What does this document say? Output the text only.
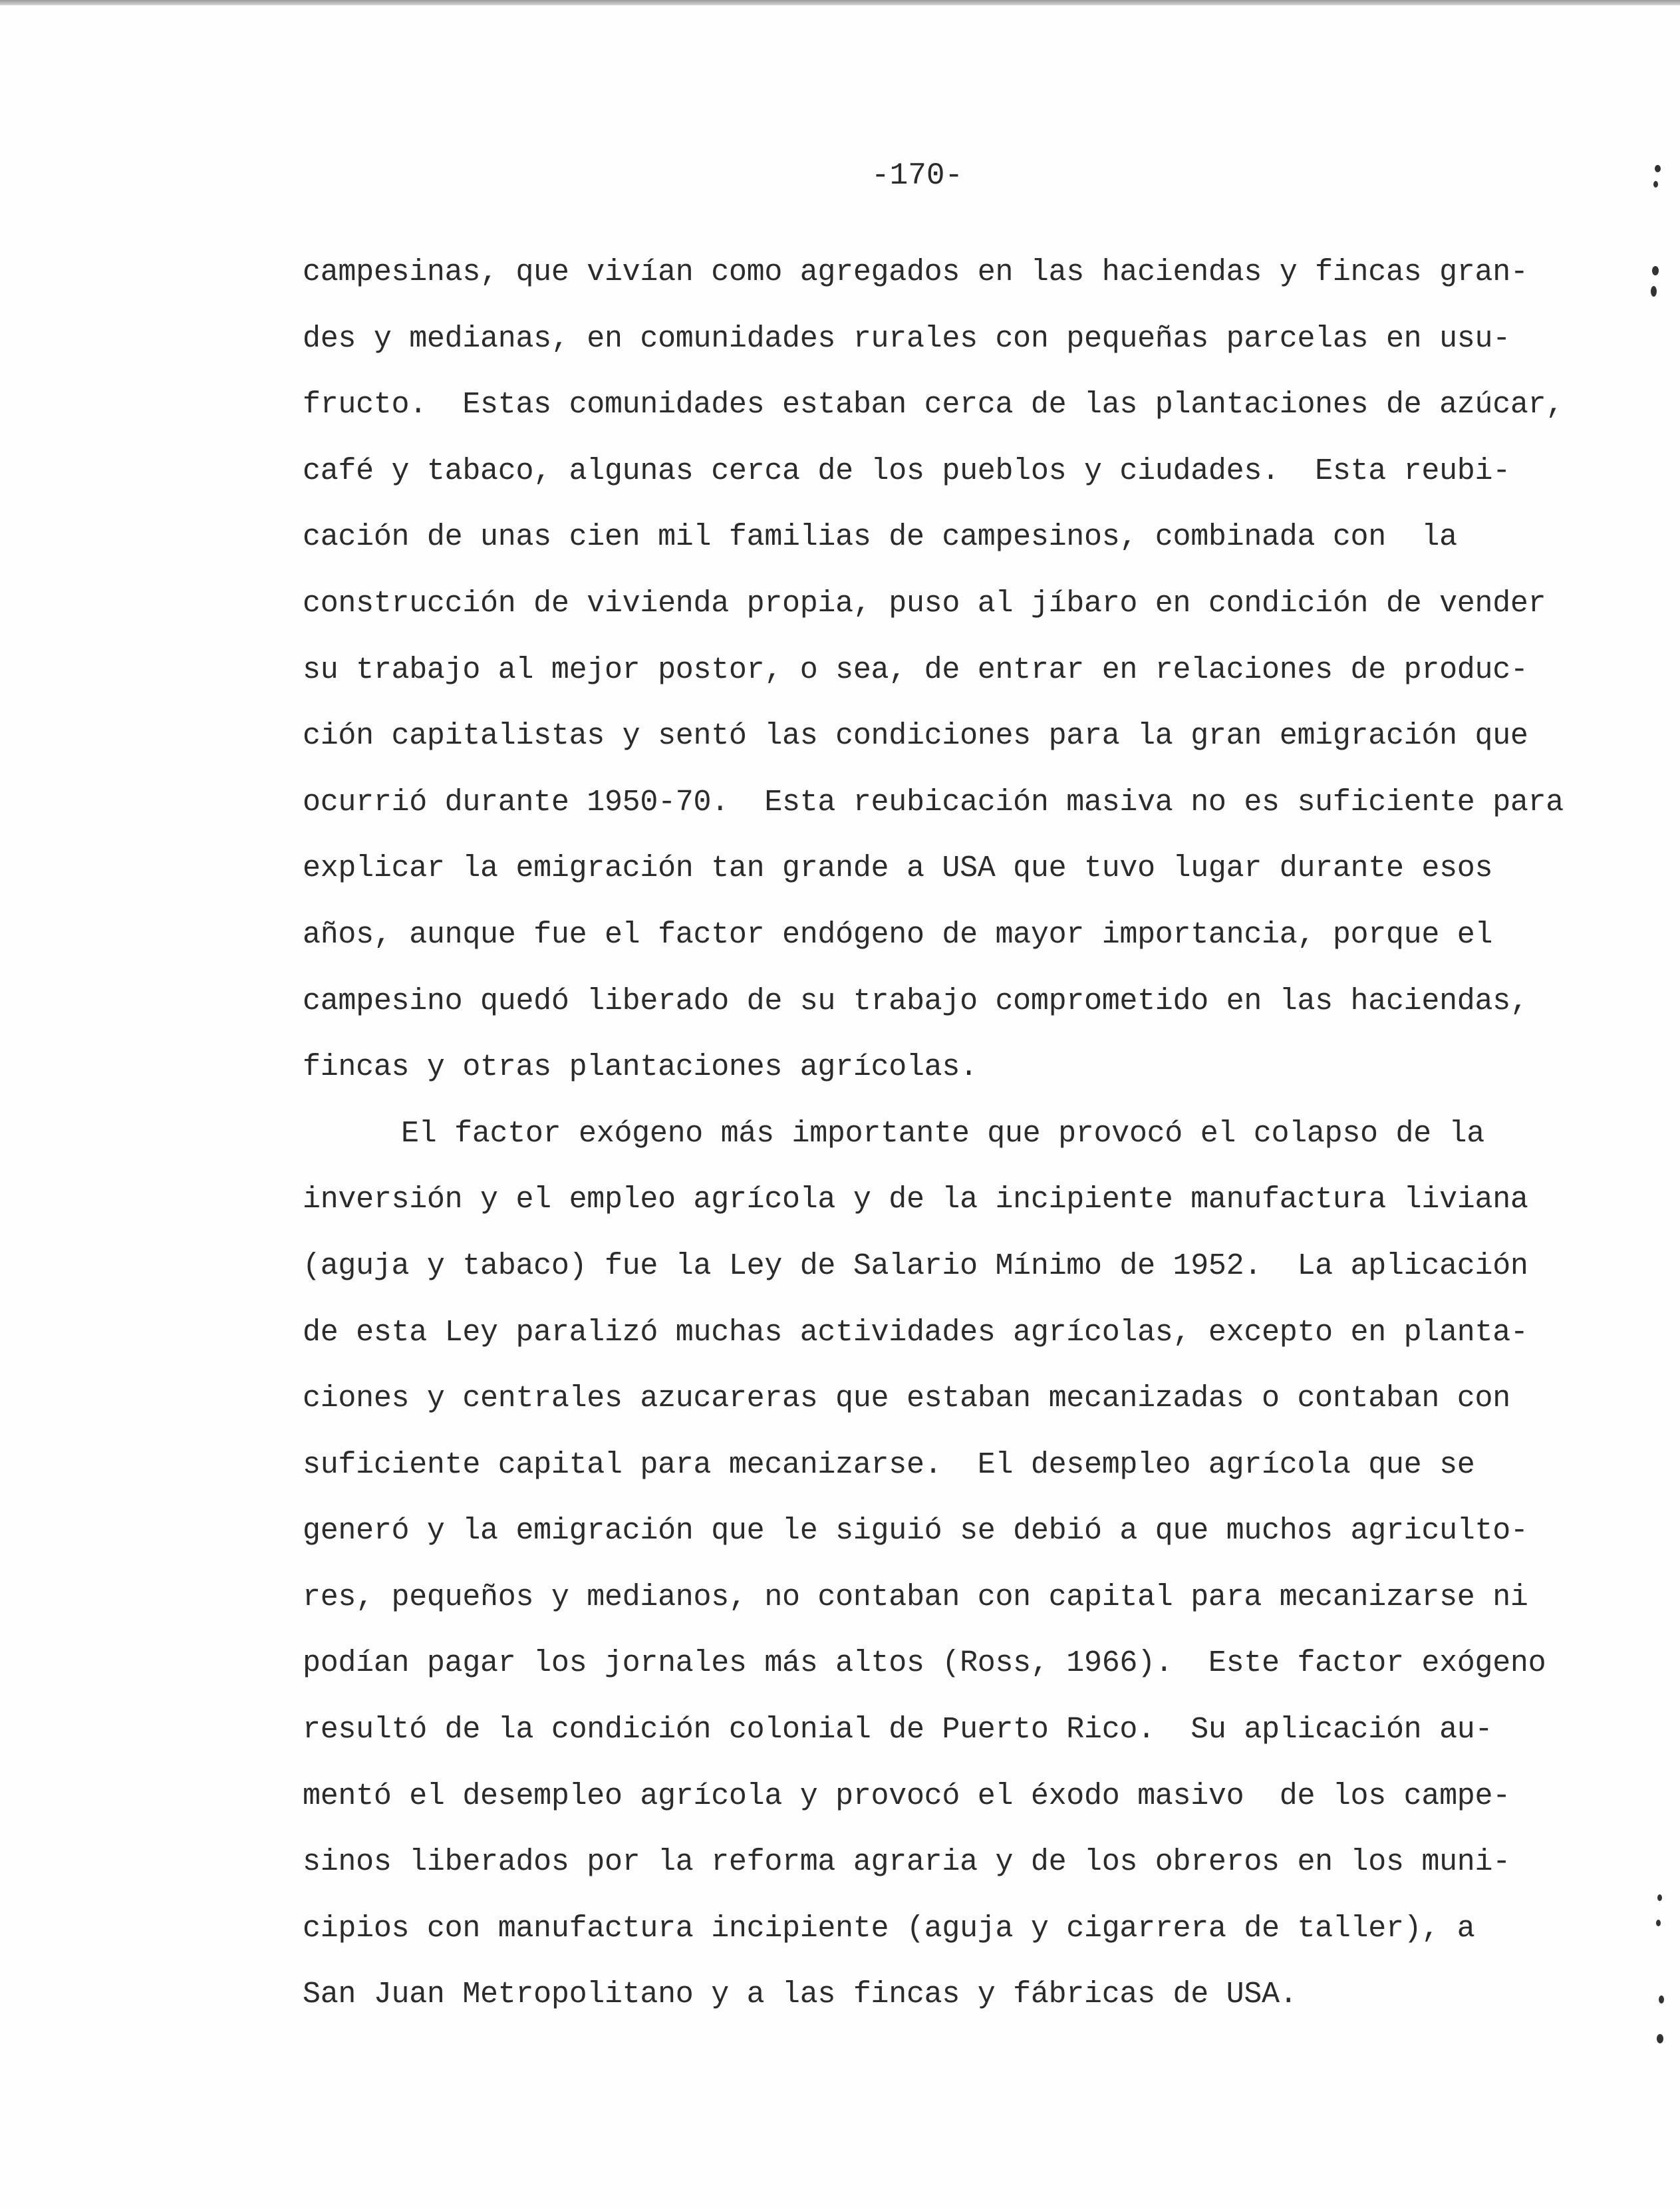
-170-
campesinas, que vivían como agregados en las haciendas y fincas gran-
des y medianas, en comunidades rurales con pequeñas parcelas en usu-
fructo.  Estas comunidades estaban cerca de las plantaciones de azúcar,
café y tabaco, algunas cerca de los pueblos y ciudades.  Esta reubi-
cación de unas cien mil familias de campesinos, combinada con  la
construcción de vivienda propia, puso al jíbaro en condición de vender
su trabajo al mejor postor, o sea, de entrar en relaciones de produc-
ción capitalistas y sentó las condiciones para la gran emigración que
ocurrió durante 1950-70.  Esta reubicación masiva no es suficiente para
explicar la emigración tan grande a USA que tuvo lugar durante esos
años, aunque fue el factor endógeno de mayor importancia, porque el
campesino quedó liberado de su trabajo comprometido en las haciendas,
fincas y otras plantaciones agrícolas.
El factor exógeno más importante que provocó el colapso de la
inversión y el empleo agrícola y de la incipiente manufactura liviana
(aguja y tabaco) fue la Ley de Salario Mínimo de 1952.  La aplicación
de esta Ley paralizó muchas actividades agrícolas, excepto en planta-
ciones y centrales azucareras que estaban mecanizadas o contaban con
suficiente capital para mecanizarse.  El desempleo agrícola que se
generó y la emigración que le siguió se debió a que muchos agriculto-
res, pequeños y medianos, no contaban con capital para mecanizarse ni
podían pagar los jornales más altos (Ross, 1966).  Este factor exógeno
resultó de la condición colonial de Puerto Rico.  Su aplicación au-
mentó el desempleo agrícola y provocó el éxodo masivo  de los campe-
sinos liberados por la reforma agraria y de los obreros en los muni-
cipios con manufactura incipiente (aguja y cigarrera de taller), a
San Juan Metropolitano y a las fincas y fábricas de USA.
